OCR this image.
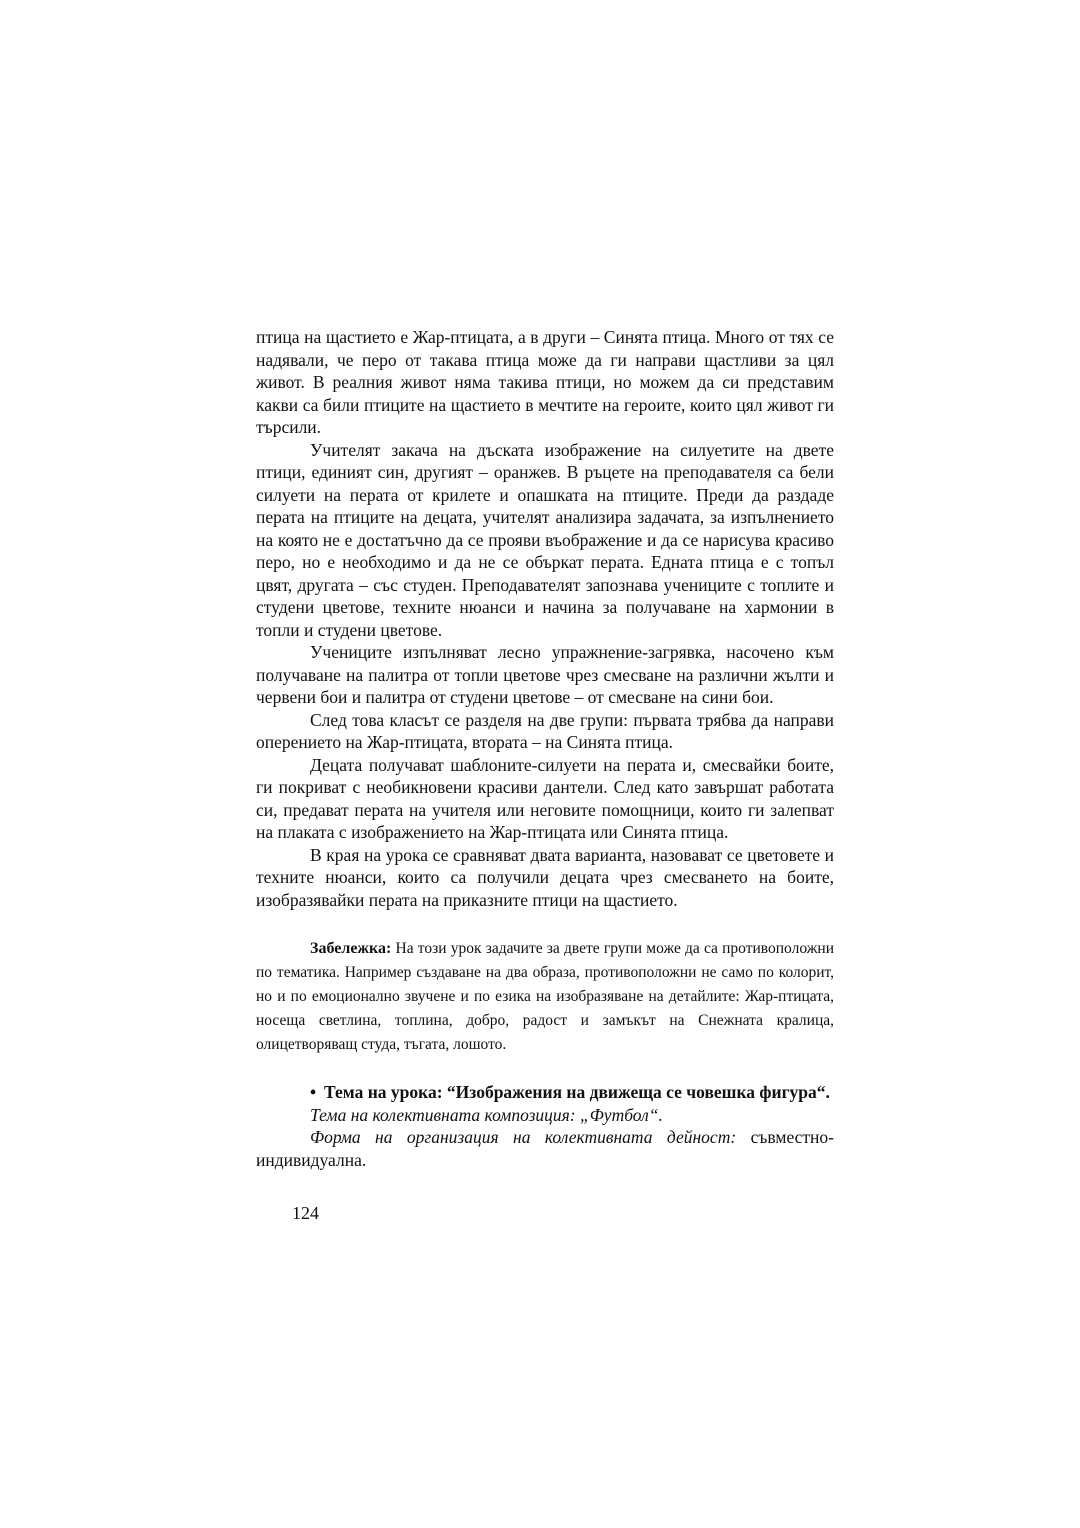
птица на щастието е Жар-птицата, а в други – Синята птица. Много от тях се надявали, че перо от такава птица може да ги направи щастливи за цял живот. В реалния живот няма такива птици, но можем да си представим какви са били птиците на щастието в мечтите на героите, които цял живот ги търсили.

Учителят закача на дъската изображение на силуетите на двете птици, единият син, другият – оранжев. В ръцете на преподавателя са бели силуети на перата от крилете и опашката на птиците. Преди да раздаде перата на птиците на децата, учителят анализира задачата, за изпълнението на която не е достатъчно да се прояви въображение и да се нарисува красиво перо, но е необходимо и да не се объркат перата. Едната птица е с топъл цвят, другата – със студен. Преподавателят запознава учениците с топлите и студени цветове, техните нюанси и начина за получаване на хармонии в топли и студени цветове.

Учениците изпълняват лесно упражнение-загрявка, насочено към получаване на палитра от топли цветове чрез смесване на различни жълти и червени бои и палитра от студени цветове – от смесване на сини бои.

След това класът се разделя на две групи: първата трябва да направи оперението на Жар-птицата, втората – на Синята птица.

Децата получават шаблоните-силуети на перата и, смесвайки боите, ги покриват с необикновени красиви дантели. След като завършат работата си, предават перата на учителя или неговите помощници, които ги залепват на плаката с изображението на Жар-птицата или Синята птица.

В края на урока се сравняват двата варианта, назовават се цветовете и техните нюанси, които са получили децата чрез смесването на боите, изобразявайки перата на приказните птици на щастието.

Забележка: На този урок задачите за двете групи може да са противоположни по тематика. Например създаване на два образа, противоположни не само по колорит, но и по емоционално звучене и по езика на изобразяване на детайлите: Жар-птицата, носеща светлина, топлина, добро, радост и замъкът на Снежната кралица, олицетворяващ студа, тъгата, лошото.
• Тема на урока: “Изображения на движеща се човешка фигура“.

Тема на колективната композиция: „Футбол“.

Форма на организация на колективната дейност: съвместно-индивидуална.

124
